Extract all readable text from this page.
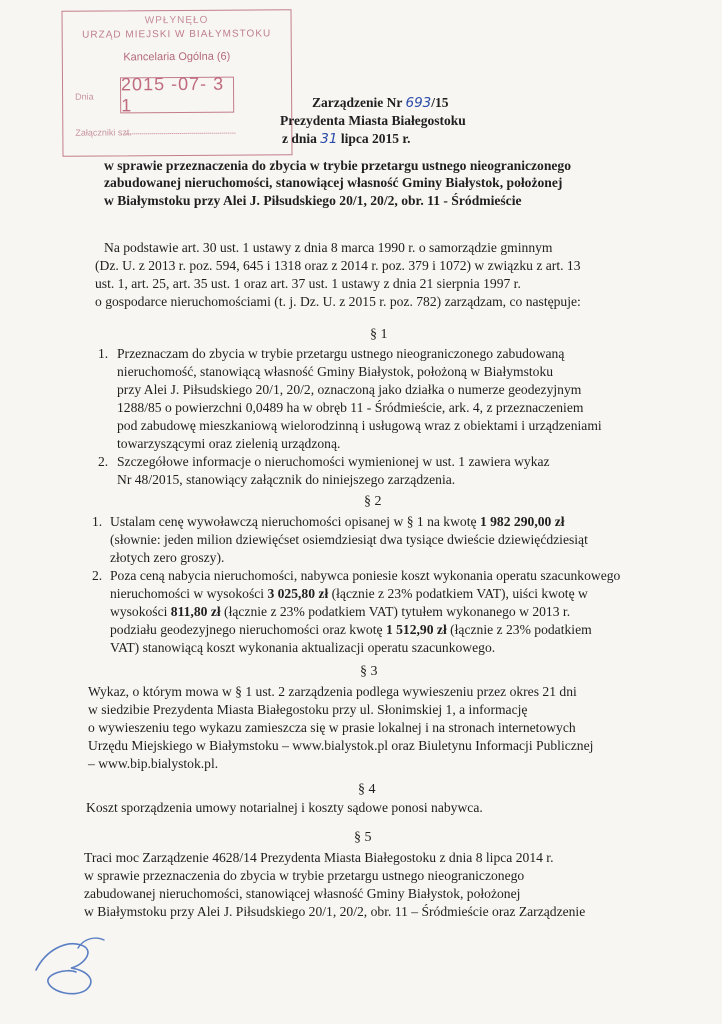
WPŁYNĘŁO
URZĄD MIEJSKI W BIAŁYMSTOKU
Kancelaria Ogólna (6)
Dnia
2015 -07- 3 1
Załączniki szt.
Zarządzenie Nr 693/15
Prezydenta Miasta Białegostoku
z dnia 31 lipca 2015 r.
w sprawie przeznaczenia do zbycia w trybie przetargu ustnego nieograniczonego
zabudowanej nieruchomości, stanowiącej własność Gminy Białystok, położonej
w Białymstoku przy Alei J. Piłsudskiego 20/1, 20/2, obr. 11 - Śródmieście
Na podstawie art. 30 ust. 1 ustawy z dnia 8 marca 1990 r. o samorządzie gminnym
(Dz. U. z 2013 r. poz. 594, 645 i 1318 oraz z 2014 r. poz. 379 i 1072) w związku z art. 13
ust. 1, art. 25, art. 35 ust. 1 oraz art. 37 ust. 1 ustawy z dnia 21 sierpnia 1997 r.
o gospodarce nieruchomościami (t. j. Dz. U. z 2015 r. poz. 782) zarządzam, co następuje:
§ 1
1. Przeznaczam do zbycia w trybie przetargu ustnego nieograniczonego zabudowaną
nieruchomość, stanowiącą własność Gminy Białystok, położoną w Białymstoku
przy Alei J. Piłsudskiego 20/1, 20/2, oznaczoną jako działka o numerze geodezyjnym
1288/85 o powierzchni 0,0489 ha w obręb 11 - Śródmieście, ark. 4, z przeznaczeniem
pod zabudowę mieszkaniową wielorodzinną i usługową wraz z obiektami i urządzeniami
towarzyszącymi oraz zielenią urządzoną.
2. Szczegółowe informacje o nieruchomości wymienionej w ust. 1 zawiera wykaz
Nr 48/2015, stanowiący załącznik do niniejszego zarządzenia.
§ 2
1. Ustalam cenę wywoławczą nieruchomości opisanej w § 1 na kwotę 1 982 290,00 zł
(słownie: jeden milion dziewięćset osiemdziesiąt dwa tysiące dwieście dziewięćdziesiąt
złotych zero groszy).
2. Poza ceną nabycia nieruchomości, nabywca poniesie koszt wykonania operatu szacunkowego
nieruchomości w wysokości 3 025,80 zł (łącznie z 23% podatkiem VAT), uiści kwotę w
wysokości 811,80 zł (łącznie z 23% podatkiem VAT) tytułem wykonanego w 2013 r.
podziału geodezyjnego nieruchomości oraz kwotę 1 512,90 zł (łącznie z 23% podatkiem
VAT) stanowiącą koszt wykonania aktualizacji operatu szacunkowego.
§ 3
Wykaz, o którym mowa w § 1 ust. 2 zarządzenia podlega wywieszeniu przez okres 21 dni
w siedzibie Prezydenta Miasta Białegostoku przy ul. Słonimskiej 1, a informację
o wywieszeniu tego wykazu zamieszcza się w prasie lokalnej i na stronach internetowych
Urzędu Miejskiego w Białymstoku – www.bialystok.pl oraz Biuletynu Informacji Publicznej
– www.bip.bialystok.pl.
§ 4
Koszt sporządzenia umowy notarialnej i koszty sądowe ponosi nabywca.
§ 5
Traci moc Zarządzenie 4628/14 Prezydenta Miasta Białegostoku z dnia 8 lipca 2014 r.
w sprawie przeznaczenia do zbycia w trybie przetargu ustnego nieograniczonego
zabudowanej nieruchomości, stanowiącej własność Gminy Białystok, położonej
w Białymstoku przy Alei J. Piłsudskiego 20/1, 20/2, obr. 11 – Śródmieście oraz Zarządzenie
